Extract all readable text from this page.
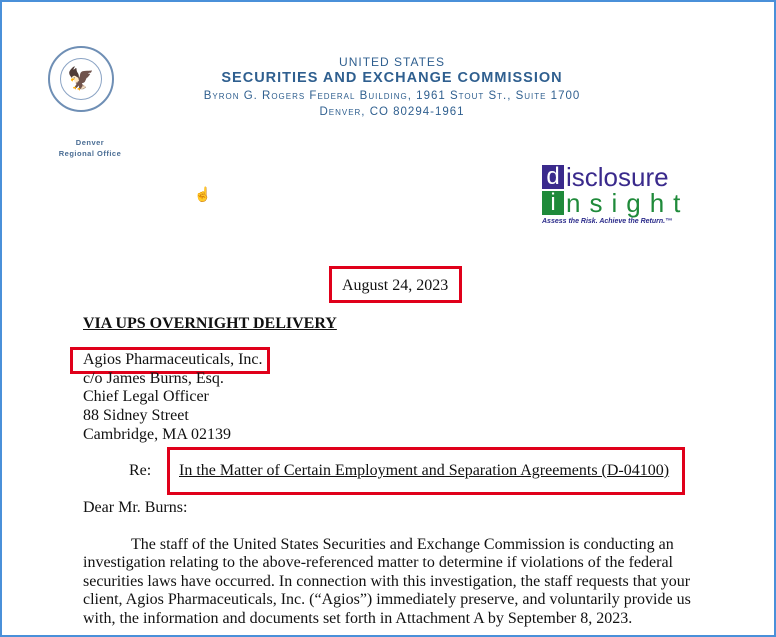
🦅
Denver
Regional Office
UNITED STATES
SECURITIES AND EXCHANGE COMMISSION
Byron G. Rogers Federal Building, 1961 Stout St., Suite 1700
Denver, CO 80294-1961
☝
d isclosure
i nsight
Assess the Risk. Achieve the Return.™
August 24, 2023
VIA UPS OVERNIGHT DELIVERY
Agios Pharmaceuticals, Inc.
c/o James Burns, Esq.
Chief Legal Officer
88 Sidney Street
Cambridge, MA 02139
Re: In the Matter of Certain Employment and Separation Agreements (D-04100)
Dear Mr. Burns:
The staff of the United States Securities and Exchange Commission is conducting an
investigation relating to the above-referenced matter to determine if violations of the federal
securities laws have occurred. In connection with this investigation, the staff requests that your
client, Agios Pharmaceuticals, Inc. (“Agios”) immediately preserve, and voluntarily provide us
with, the information and documents set forth in Attachment A by September 8, 2023.
